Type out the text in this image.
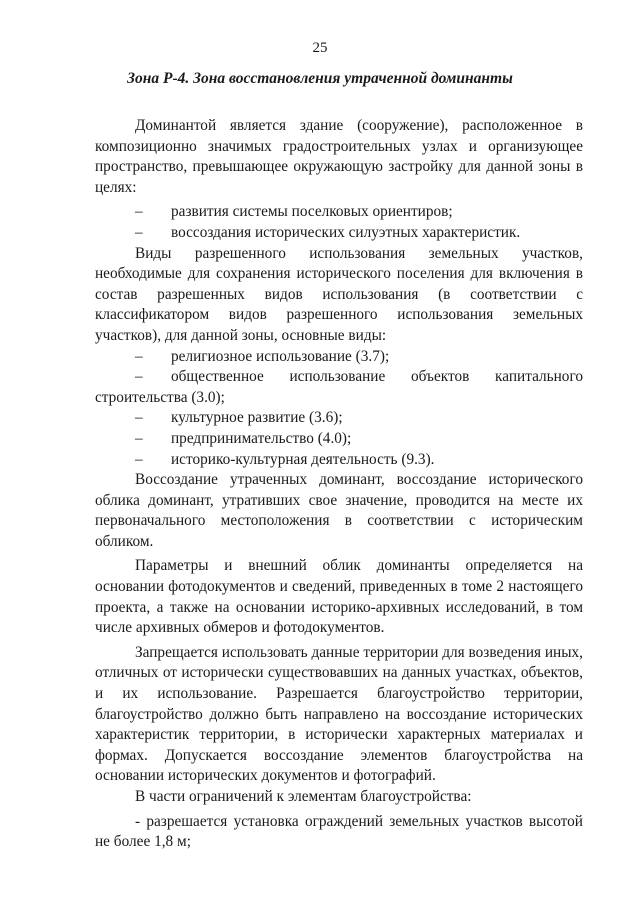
25
Зона Р-4. Зона восстановления утраченной доминанты

Доминантой является здание (сооружение), расположенное в композиционно значимых градостроительных узлах и организующее пространство, превышающее окружающую застройку для данной зоны в целях:

– развития системы поселковых ориентиров;

– воссоздания исторических силуэтных характеристик.

Виды разрешенного использования земельных участков, необходимые для сохранения исторического поселения для включения в состав разрешенных видов использования (в соответствии с классификатором видов разрешенного использования земельных участков), для данной зоны, основные виды:

– религиозное использование (3.7);

– общественное использование объектов капитального строительства (3.0);

– культурное развитие (3.6);

– предпринимательство (4.0);

– историко-культурная деятельность (9.3).

Воссоздание утраченных доминант, воссоздание исторического облика доминант, утративших свое значение, проводится на месте их первоначального местоположения в соответствии с историческим обликом.

Параметры и внешний облик доминанты определяется на основании фотодокументов и сведений, приведенных в томе 2 настоящего проекта, а также на основании историко-архивных исследований, в том числе архивных обмеров и фотодокументов.

Запрещается использовать данные территории для возведения иных, отличных от исторически существовавших на данных участках, объектов, и их использование. Разрешается благоустройство территории, благоустройство должно быть направлено на воссоздание исторических характеристик территории, в исторически характерных материалах и формах. Допускается воссоздание элементов благоустройства на основании исторических документов и фотографий.

В части ограничений к элементам благоустройства:

- разрешается установка ограждений земельных участков высотой не более 1,8 м;
